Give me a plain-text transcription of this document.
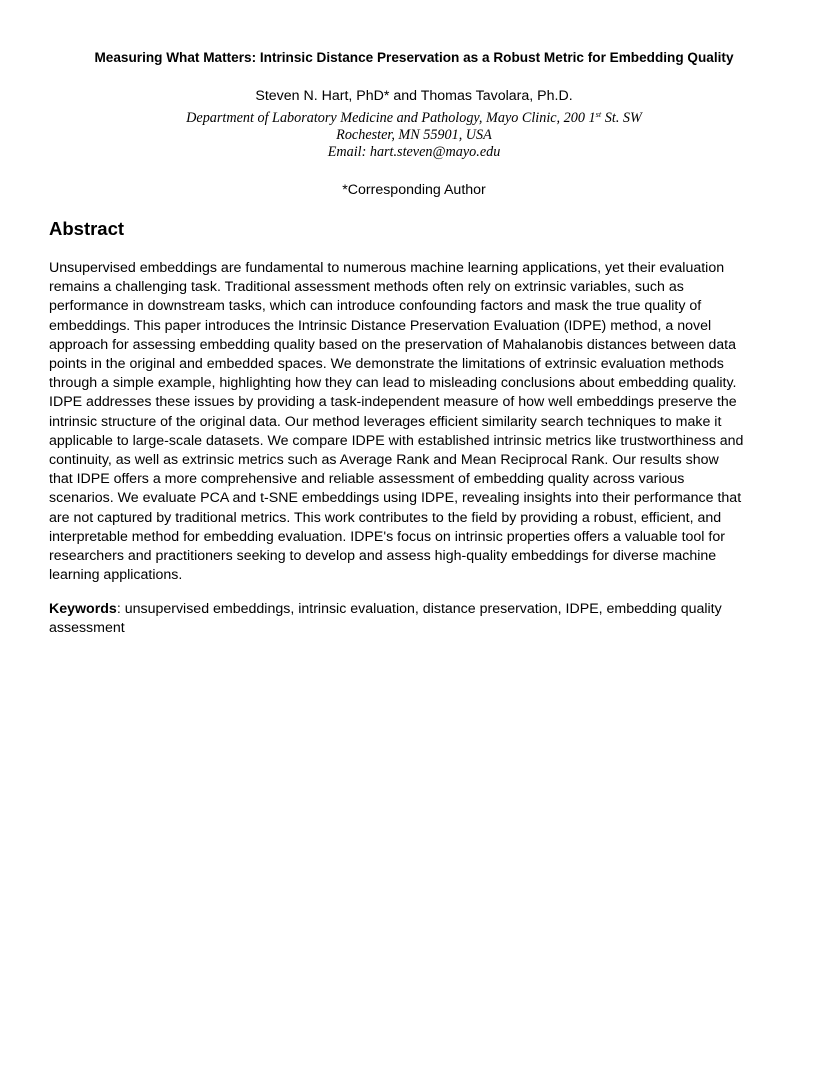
Measuring What Matters: Intrinsic Distance Preservation as a Robust Metric for Embedding Quality
Steven N. Hart, PhD* and Thomas Tavolara, Ph.D.
Department of Laboratory Medicine and Pathology, Mayo Clinic, 200 1st St. SW
Rochester, MN 55901, USA
Email: hart.steven@mayo.edu
*Corresponding Author
Abstract
Unsupervised embeddings are fundamental to numerous machine learning applications, yet their evaluation
remains a challenging task. Traditional assessment methods often rely on extrinsic variables, such as
performance in downstream tasks, which can introduce confounding factors and mask the true quality of
embeddings. This paper introduces the Intrinsic Distance Preservation Evaluation (IDPE) method, a novel
approach for assessing embedding quality based on the preservation of Mahalanobis distances between data
points in the original and embedded spaces. We demonstrate the limitations of extrinsic evaluation methods
through a simple example, highlighting how they can lead to misleading conclusions about embedding quality.
IDPE addresses these issues by providing a task-independent measure of how well embeddings preserve the
intrinsic structure of the original data. Our method leverages efficient similarity search techniques to make it
applicable to large-scale datasets. We compare IDPE with established intrinsic metrics like trustworthiness and
continuity, as well as extrinsic metrics such as Average Rank and Mean Reciprocal Rank. Our results show
that IDPE offers a more comprehensive and reliable assessment of embedding quality across various
scenarios. We evaluate PCA and t-SNE embeddings using IDPE, revealing insights into their performance that
are not captured by traditional metrics. This work contributes to the field by providing a robust, efficient, and
interpretable method for embedding evaluation. IDPE's focus on intrinsic properties offers a valuable tool for
researchers and practitioners seeking to develop and assess high-quality embeddings for diverse machine
learning applications.
Keywords: unsupervised embeddings, intrinsic evaluation, distance preservation, IDPE, embedding quality
assessment
